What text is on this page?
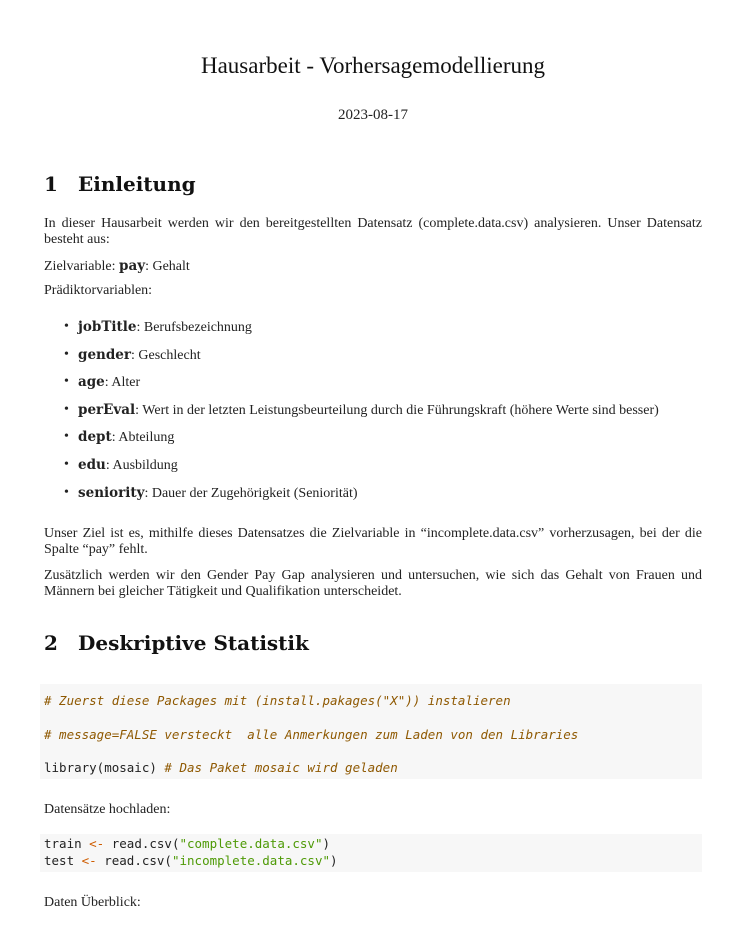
Hausarbeit - Vorhersagemodellierung
2023-08-17
1 Einleitung

In dieser Hausarbeit werden wir den bereitgestellten Datensatz (complete.data.csv) analysieren. Unser Datensatz besteht aus:

Zielvariable: pay: Gehalt

Prädiktorvariablen:

• jobTitle: Berufsbezeichnung
• gender: Geschlecht
• age: Alter
• perEval: Wert in der letzten Leistungsbeurteilung durch die Führungskraft (höhere Werte sind besser)
• dept: Abteilung
• edu: Ausbildung
• seniority: Dauer der Zugehörigkeit (Seniorität)

Unser Ziel ist es, mithilfe dieses Datensatzes die Zielvariable in “incomplete.data.csv” vorherzusagen, bei der die Spalte “pay” fehlt.

Zusätzlich werden wir den Gender Pay Gap analysieren und untersuchen, wie sich das Gehalt von Frauen und Männern bei gleicher Tätigkeit und Qualifikation unterscheidet.

2 Deskriptive Statistik
# Zuerst diese Packages mit (install.pakages("X")) instalieren
# message=FALSE versteckt  alle Anmerkungen zum Laden von den Libraries
library(mosaic) # Das Paket mosaic wird geladen

Datensätze hochladen:

train <- read.csv("complete.data.csv")
test <- read.csv("incomplete.data.csv")

Daten Überblick:
